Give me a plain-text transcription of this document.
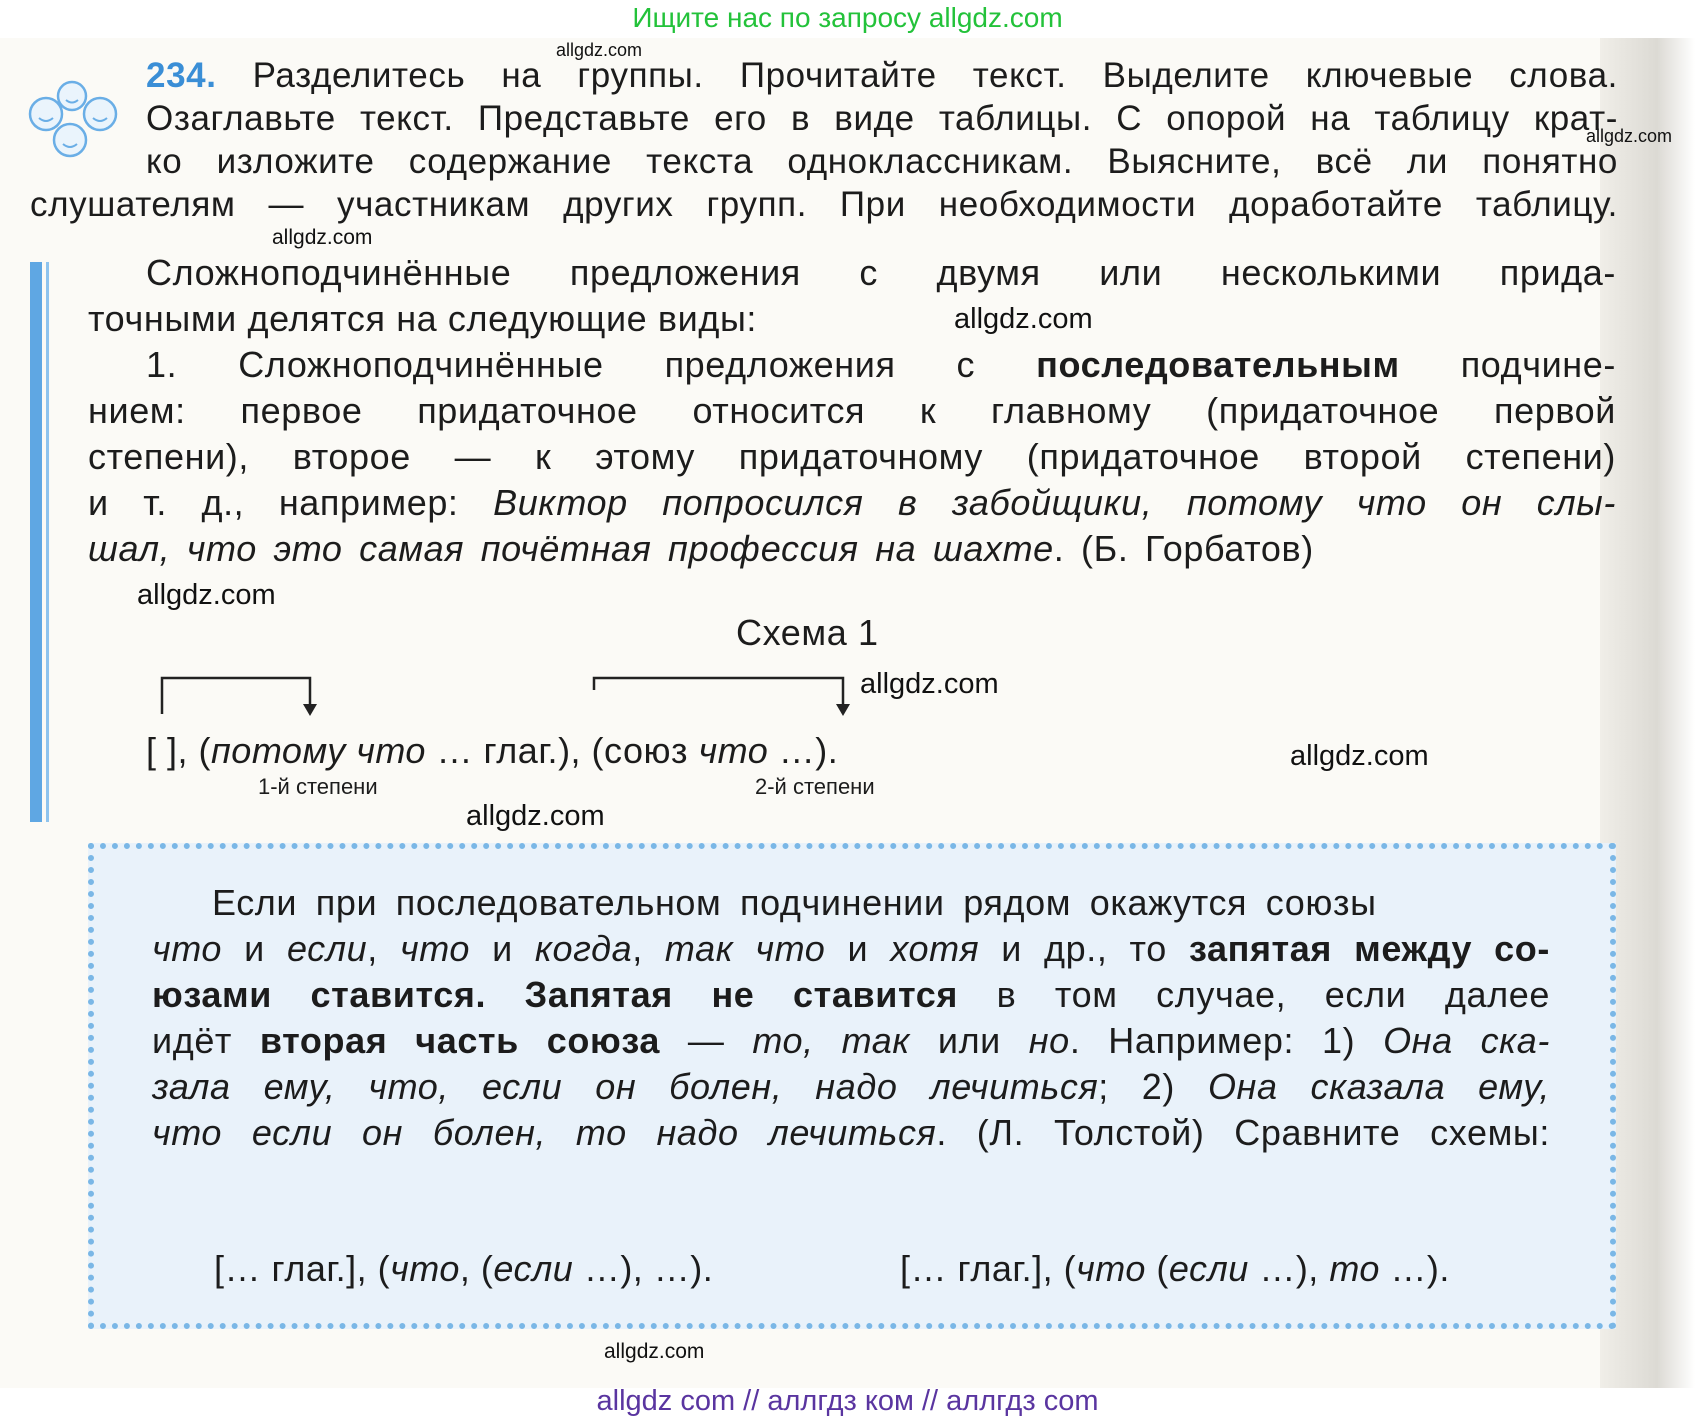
Ищите нас по запросу allgdz.com
allgdz.com
allgdz.com
allgdz.com
allgdz.com
allgdz.com
allgdz.com
allgdz.com
allgdz.com
allgdz.com
234. Разделитесь на группы. Прочитайте текст. Выделите ключевые слова.
Озаглавьте текст. Представьте его в виде таблицы. С опорой на таблицу крат-
ко изложите содержание текста одноклассникам. Выясните, всё ли понятно
слушателям — участникам других групп. При необходимости доработайте таблицу.
Сложноподчинённые предложения с двумя или несколькими прида-
точными делятся на следующие виды:
1. Сложноподчинённые предложения с последовательным подчине-
нием: первое придаточное относится к главному (придаточное первой
степени), второе — к этому придаточному (придаточное второй степени)
и т. д., например: Виктор попросился в забойщики, потому что он слы-
шал, что это самая почётная профессия на шахте. (Б. Горбатов)
Схема 1
[ ], (потому что … глаг.), (союз что …).
1-й степени	2-й степени
Если при последовательном подчинении рядом окажутся союзы
что и если, что и когда, так что и хотя и др., то запятая между со-
юзами ставится. Запятая не ставится в том случае, если далее
идёт вторая часть союза — то, так или но. Например: 1) Она ска-
зала ему, что, если он болен, надо лечиться; 2) Она сказала ему,
что если он болен, то надо лечиться. (Л. Толстой) Сравните схемы:
[… глаг.], (что, (если …), …).	[… глаг.], (что (если …), то …).
allgdz com // аллгдз ком // аллгдз com
